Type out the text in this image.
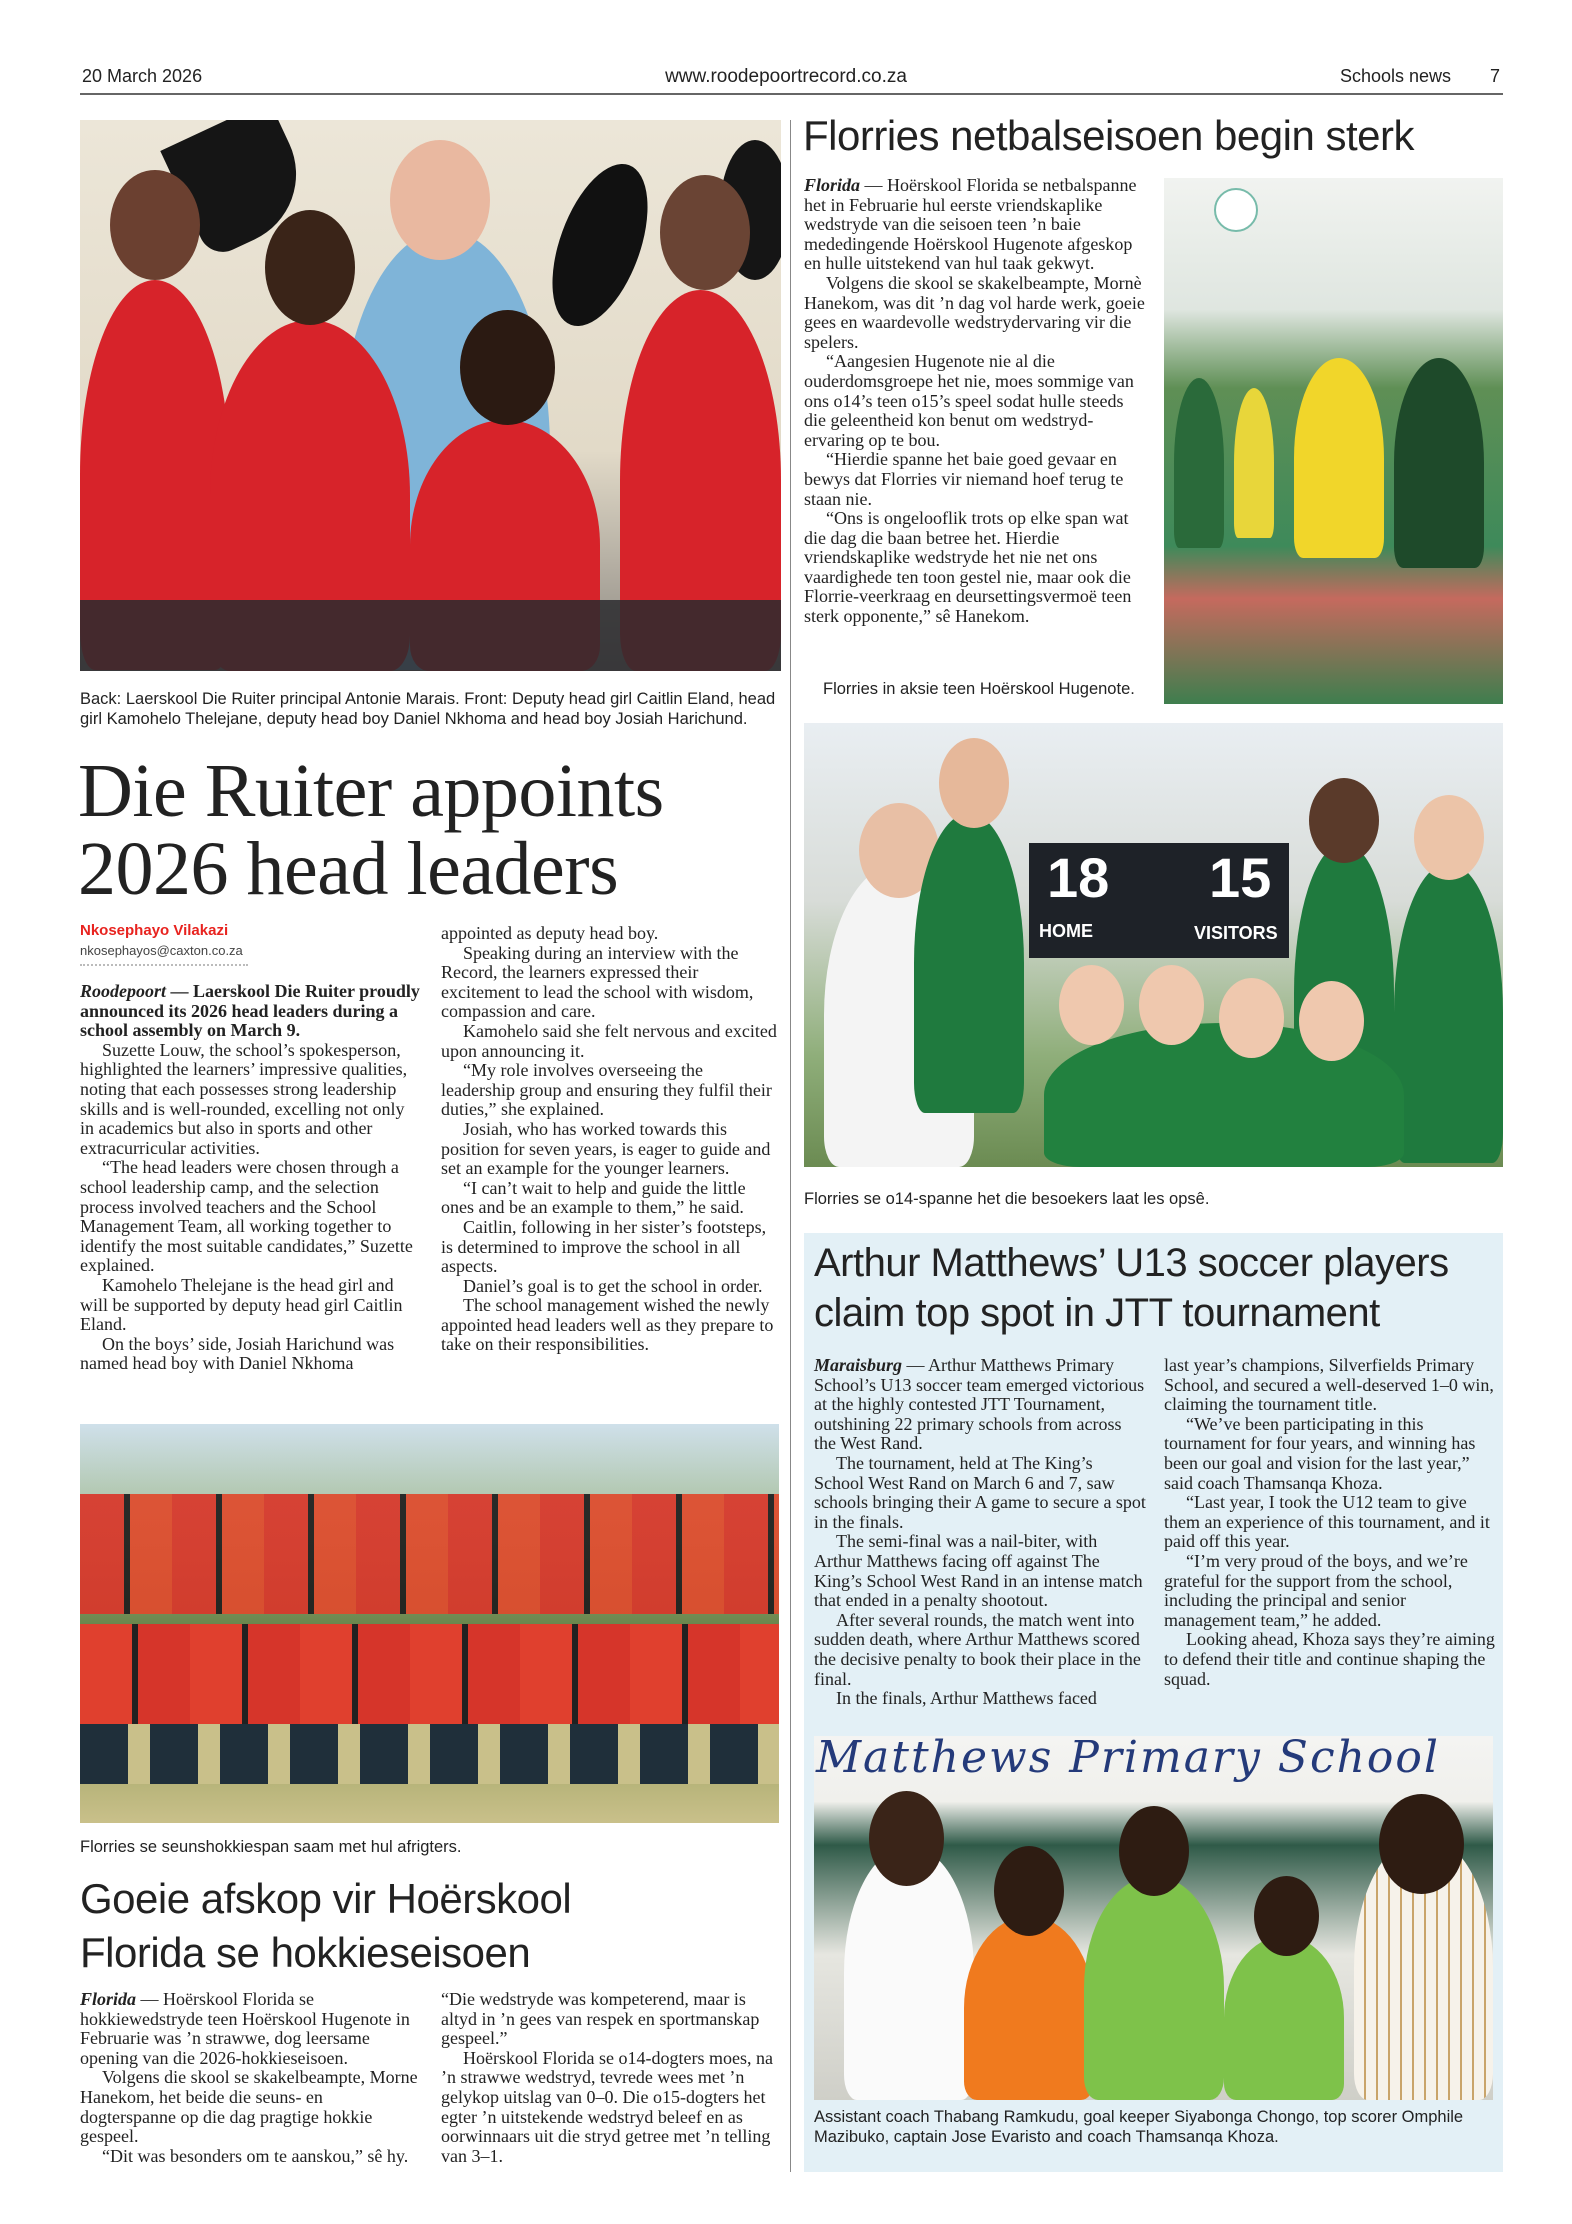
20 March 2026	www.roodepoortrecord.co.za	Schools news 7
Back: Laerskool Die Ruiter principal Antonie Marais. Front: Deputy head girl Caitlin Eland, head girl Kamohelo Thelejane, deputy head boy Daniel Nkhoma and head boy Josiah Harichund.
Die Ruiter appoints
2026 head leaders
Nkosephayo Vilakazi
nkosephayos@caxton.co.za

Roodepoort — Laerskool Die Ruiter proudly announced its 2026 head leaders during a school assembly on March 9.

Suzette Louw, the school’s spokesperson, highlighted the learners’ impressive qualities, noting that each possesses strong leadership skills and is well-rounded, excelling not only in academics but also in sports and other extracurricular activities.

“The head leaders were chosen through a school leadership camp, and the selection process involved teachers and the School Management Team, all working together to identify the most suitable candidates,” Suzette explained.

Kamohelo Thelejane is the head girl and will be supported by deputy head girl Caitlin Eland.

On the boys’ side, Josiah Harichund was named head boy with Daniel Nkhoma

appointed as deputy head boy.

Speaking during an interview with the Record, the learners expressed their excitement to lead the school with wisdom, compassion and care.

Kamohelo said she felt nervous and excited upon announcing it.

“My role involves overseeing the leadership group and ensuring they fulfil their duties,” she explained.

Josiah, who has worked towards this position for seven years, is eager to guide and set an example for the younger learners.

“I can’t wait to help and guide the little ones and be an example to them,” he said.

Caitlin, following in her sister’s footsteps, is determined to improve the school in all aspects.

Daniel’s goal is to get the school in order.

The school management wished the newly appointed head leaders well as they prepare to take on their responsibilities.

Florries se seunshokkiespan saam met hul afrigters.
Goeie afskop vir Hoërskool
Florida se hokkieseisoen

Florida — Hoërskool Florida se hokkiewedstryde teen Hoërskool Hugenote in Februarie was ’n strawwe, dog leersame opening van die 2026-hokkieseisoen.

Volgens die skool se skakelbeampte, Morne Hanekom, het beide die seuns- en dogterspanne op die dag pragtige hokkie gespeel.

“Dit was besonders om te aanskou,” sê hy.

“Die wedstryde was kompeterend, maar is altyd in ’n gees van respek en sportmanskap gespeel.”

Hoërskool Florida se o14-dogters moes, na ’n strawwe wedstryd, tevrede wees met ’n gelykop uitslag van 0–0. Die o15-dogters het egter ’n uitstekende wedstryd beleef en as oorwinnaars uit die stryd getree met ’n telling van 3–1.

Florries netbalseisoen begin sterk

Florida — Hoërskool Florida se netbalspanne het in Februarie hul eerste vriendskaplike wedstryde van die seisoen teen ’n baie mededingende Hoërskool Hugenote afgeskop en hulle uitstekend van hul taak gekwyt.

Volgens die skool se skakelbeampte, Mornè Hanekom, was dit ’n dag vol harde werk, goeie gees en waardevolle wedstrydervaring vir die spelers.

“Aangesien Hugenote nie al die ouderdomsgroepe het nie, moes sommige van ons o14’s teen o15’s speel sodat hulle steeds die geleentheid kon benut om wedstryd-ervaring op te bou.

“Hierdie spanne het baie goed gevaar en bewys dat Florries vir niemand hoef terug te staan nie.

“Ons is ongelooflik trots op elke span wat die dag die baan betree het. Hierdie vriendskaplike wedstryde het nie net ons vaardighede ten toon gestel nie, maar ook die Florrie-veerkraag en deursettingsvermoë teen sterk opponente,” sê Hanekom.

Florries in aksie teen Hoërskool Hugenote.
18 15
HOME	VISITORS
Florries se o14-spanne het die besoekers laat les opsê.
Arthur Matthews’ U13 soccer players
claim top spot in JTT tournament

Maraisburg — Arthur Matthews Primary School’s U13 soccer team emerged victorious at the highly contested JTT Tournament, outshining 22 primary schools from across the West Rand.

The tournament, held at The King’s School West Rand on March 6 and 7, saw schools bringing their A game to secure a spot in the finals.

The semi-final was a nail-biter, with Arthur Matthews facing off against The King’s School West Rand in an intense match that ended in a penalty shootout.

After several rounds, the match went into sudden death, where Arthur Matthews scored the decisive penalty to book their place in the final.

In the finals, Arthur Matthews faced

last year’s champions, Silverfields Primary School, and secured a well-deserved 1–0 win, claiming the tournament title.

“We’ve been participating in this tournament for four years, and winning has been our goal and vision for the last year,” said coach Thamsanqa Khoza.

“Last year, I took the U12 team to give them an experience of this tournament, and it paid off this year.

“I’m very proud of the boys, and we’re grateful for the support from the school, including the principal and senior management team,” he added.

Looking ahead, Khoza says they’re aiming to defend their title and continue shaping the squad.

Matthews Primary School
Assistant coach Thabang Ramkudu, goal keeper Siyabonga Chongo, top scorer Omphile Mazibuko, captain Jose Evaristo and coach Thamsanqa Khoza.
